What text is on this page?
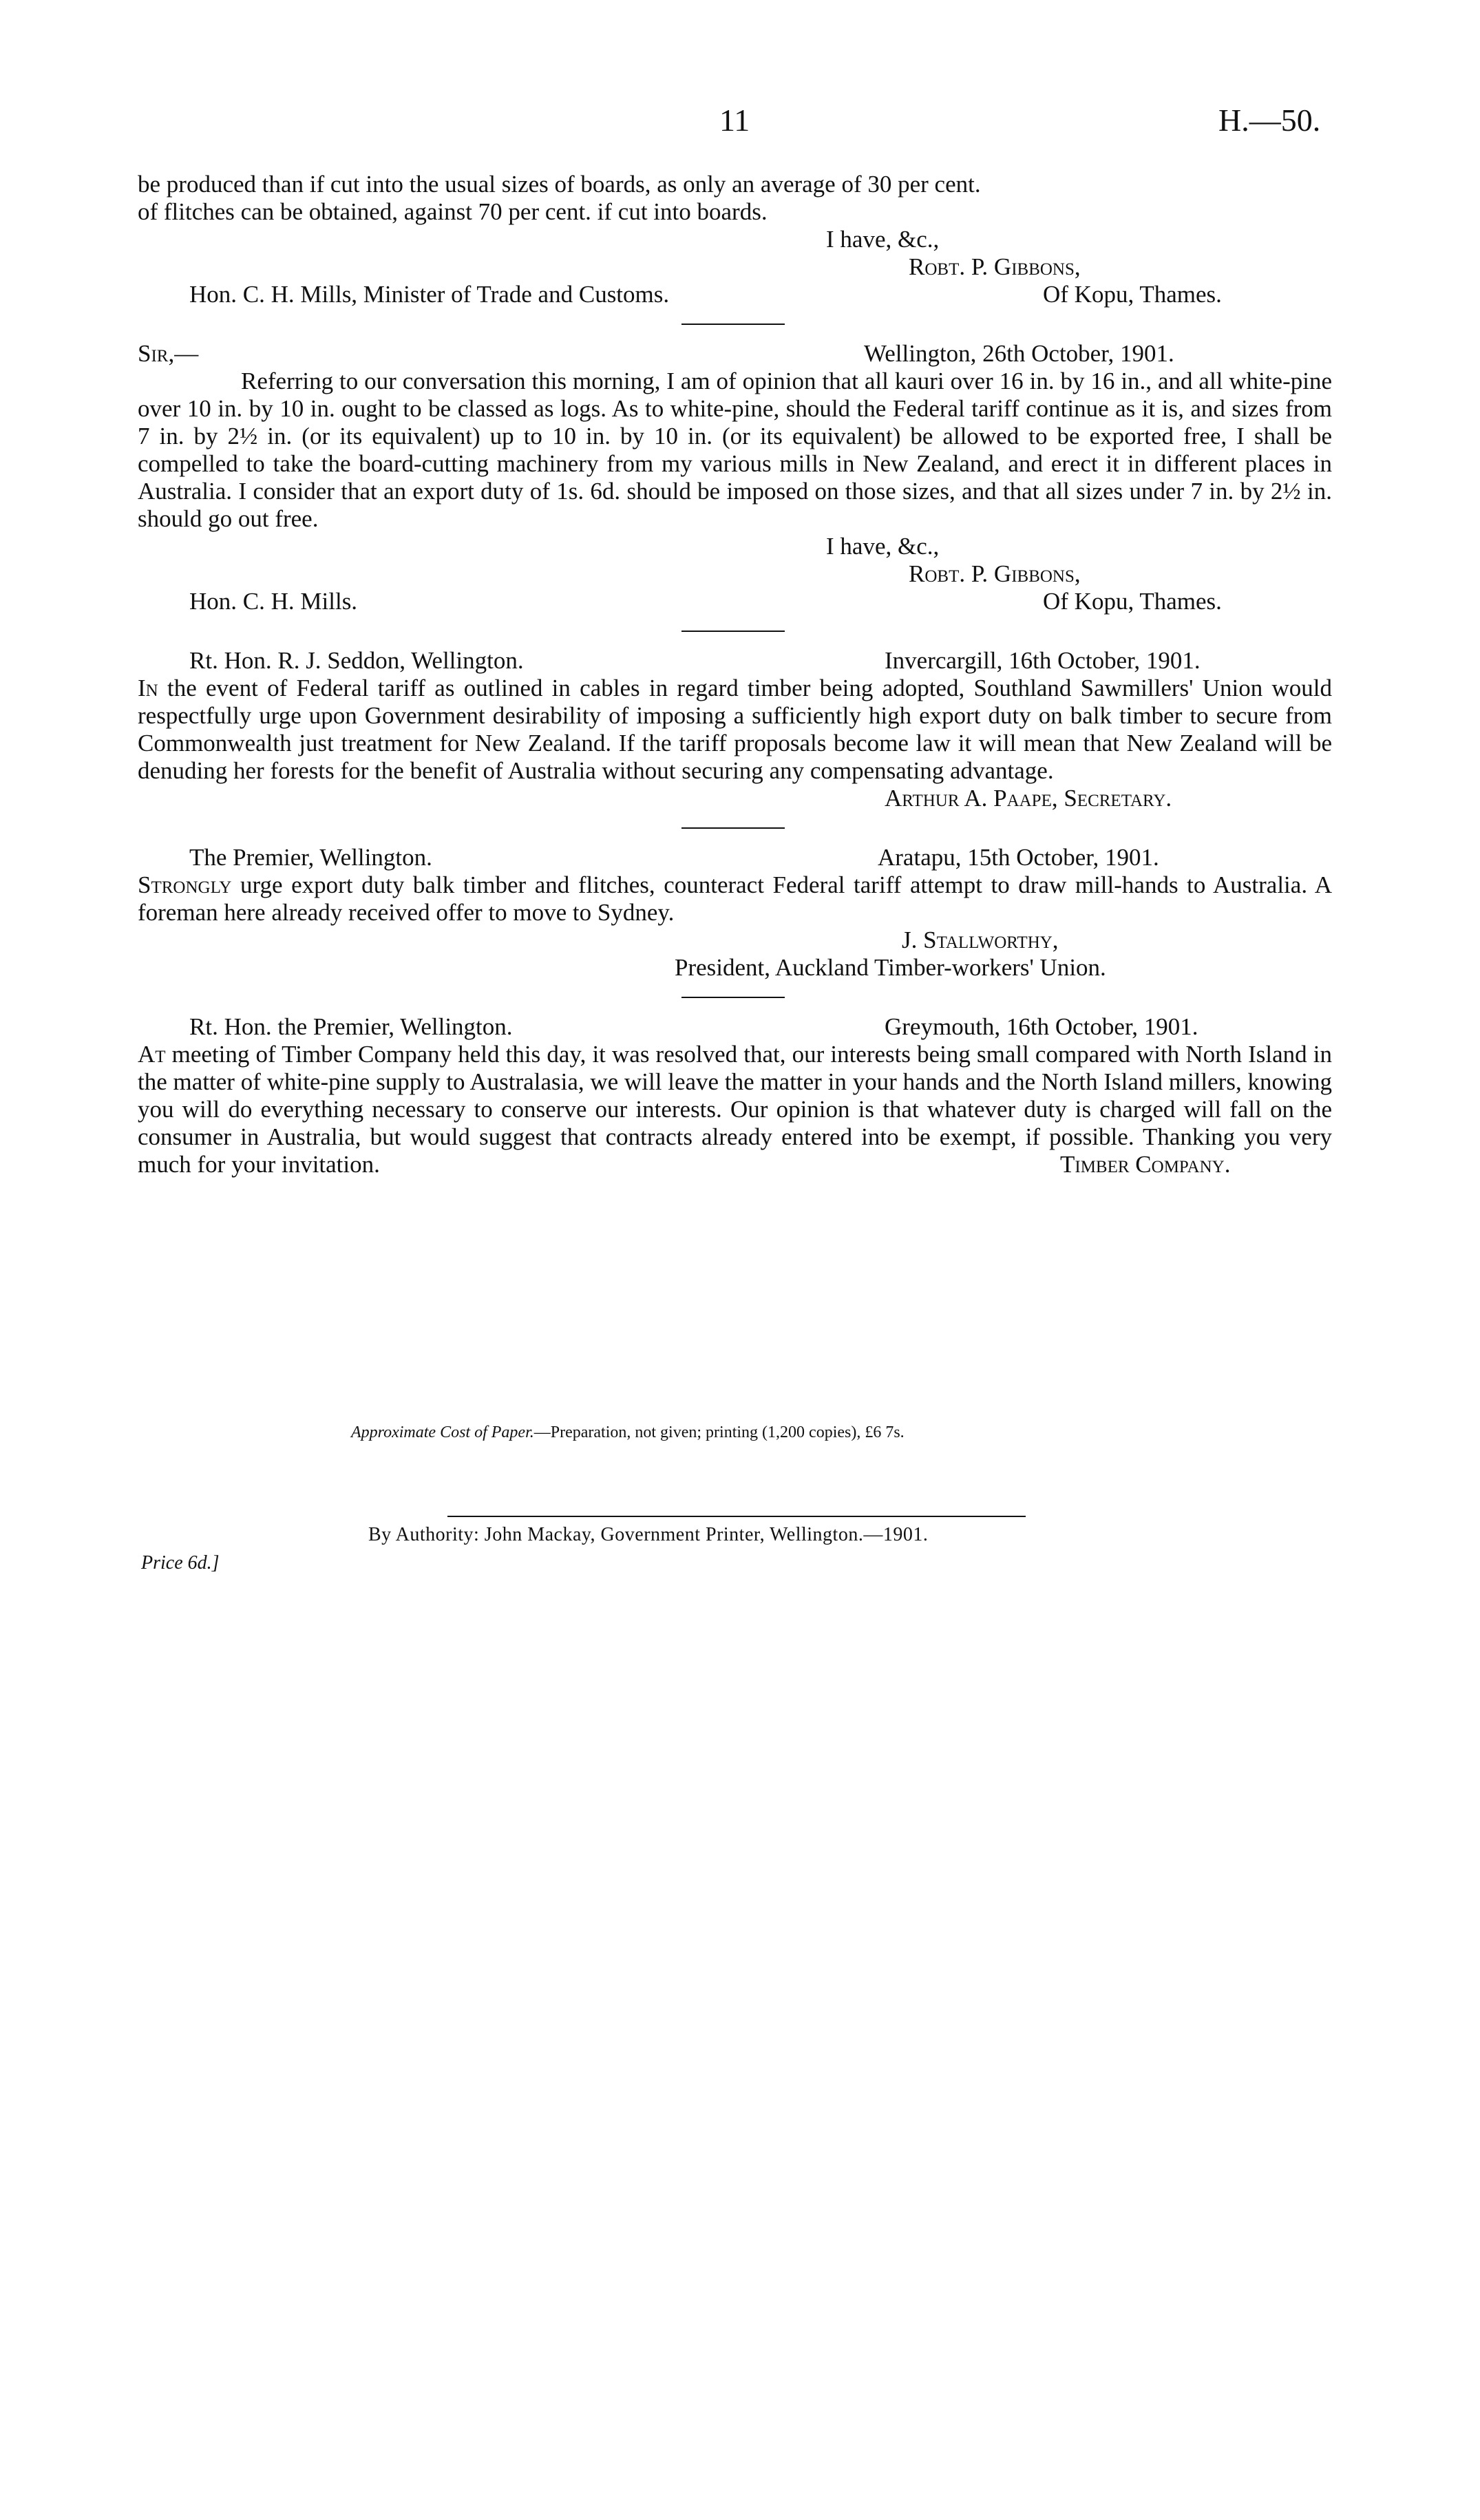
11	H.—50.
be produced than if cut into the usual sizes of boards, as only an average of 30 per cent.
of flitches can be obtained, against 70 per cent. if cut into boards.
I have, &c.,
Robt. P. Gibbons,
Hon. C. H. Mills, Minister of Trade and Customs.	Of Kopu, Thames.
Sir,—	Wellington, 26th October, 1901.

Referring to our conversation this morning, I am of opinion that all kauri over 16 in. by 16 in., and all white-pine over 10 in. by 10 in. ought to be classed as logs. As to white-pine, should the Federal tariff continue as it is, and sizes from 7 in. by 2½ in. (or its equivalent) up to 10 in. by 10 in. (or its equivalent) be allowed to be exported free, I shall be compelled to take the board-cutting machinery from my various mills in New Zealand, and erect it in different places in Australia. I consider that an export duty of 1s. 6d. should be imposed on those sizes, and that all sizes under 7 in. by 2½ in. should go out free.

I have, &c.,
Robt. P. Gibbons,
Hon. C. H. Mills.	Of Kopu, Thames.
Rt. Hon. R. J. Seddon, Wellington.	Invercargill, 16th October, 1901.

In the event of Federal tariff as outlined in cables in regard timber being adopted, Southland Sawmillers' Union would respectfully urge upon Government desirability of imposing a sufficiently high export duty on balk timber to secure from Commonwealth just treatment for New Zealand. If the tariff proposals become law it will mean that New Zealand will be denuding her forests for the benefit of Australia without securing any compensating advantage.

Arthur A. Paape, Secretary.
The Premier, Wellington.	Aratapu, 15th October, 1901.

Strongly urge export duty balk timber and flitches, counteract Federal tariff attempt to draw mill-hands to Australia. A foreman here already received offer to move to Sydney.

J. Stallworthy,
President, Auckland Timber-workers' Union.
Rt. Hon. the Premier, Wellington.	Greymouth, 16th October, 1901.

At meeting of Timber Company held this day, it was resolved that, our interests being small compared with North Island in the matter of white-pine supply to Australasia, we will leave the matter in your hands and the North Island millers, knowing you will do everything necessary to conserve our interests. Our opinion is that whatever duty is charged will fall on the consumer in Australia, but would suggest that contracts already entered into be exempt, if possible. Thanking you very much for your invitation.	Timber Company.
Approximate Cost of Paper.—Preparation, not given; printing (1,200 copies), £6 7s.
By Authority: John Mackay, Government Printer, Wellington.—1901.
Price 6d.]
